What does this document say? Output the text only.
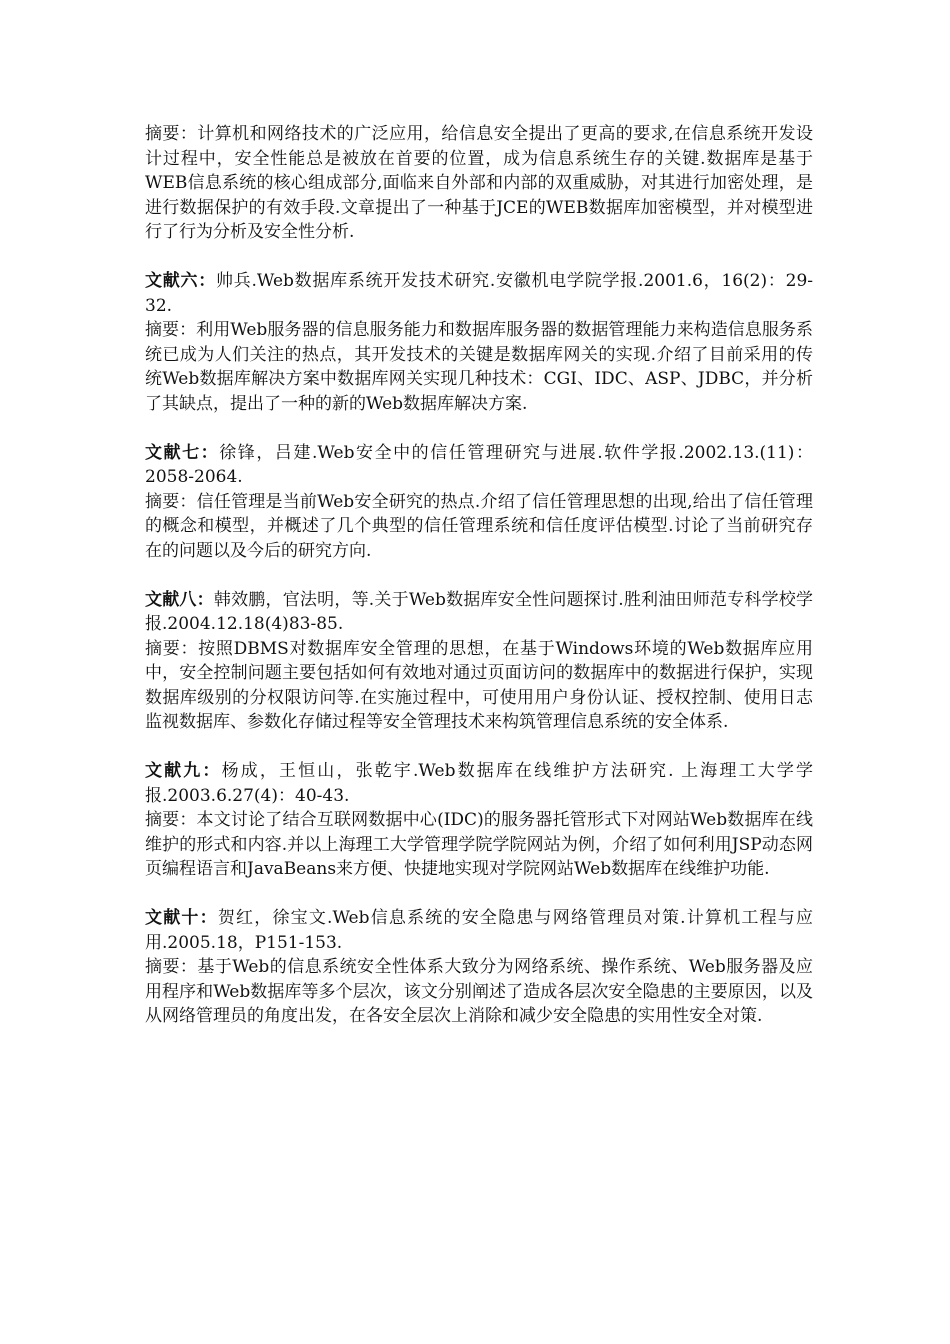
摘要：计算机和网络技术的广泛应用，给信息安全提出了更高的要求,在信息系统开发设计过程中，安全性能总是被放在首要的位置，成为信息系统生存的关键.数据库是基于WEB信息系统的核心组成部分,面临来自外部和内部的双重威胁，对其进行加密处理，是进行数据保护的有效手段.文章提出了一种基于JCE的WEB数据库加密模型，并对模型进行了行为分析及安全性分析.

文献六：帅兵.Web数据库系统开发技术研究.安徽机电学院学报.2001.6，16(2)：29-32.

摘要：利用Web服务器的信息服务能力和数据库服务器的数据管理能力来构造信息服务系统已成为人们关注的热点，其开发技术的关键是数据库网关的实现.介绍了目前采用的传统Web数据库解决方案中数据库网关实现几种技术：CGI、IDC、ASP、JDBC，并分析了其缺点，提出了一种的新的Web数据库解决方案.

文献七：徐锋，吕建.Web安全中的信任管理研究与进展.软件学报.2002.13.(11)：2058-2064.

摘要：信任管理是当前Web安全研究的热点.介绍了信任管理思想的出现,给出了信任管理的概念和模型，并概述了几个典型的信任管理系统和信任度评估模型.讨论了当前研究存在的问题以及今后的研究方向.

文献八：韩效鹏，官法明，等.关于Web数据库安全性问题探讨.胜利油田师范专科学校学报.2004.12.18(4)83-85.

摘要：按照DBMS对数据库安全管理的思想，在基于Windows环境的Web数据库应用中，安全控制问题主要包括如何有效地对通过页面访问的数据库中的数据进行保护，实现数据库级别的分权限访问等.在实施过程中，可使用用户身份认证、授权控制、使用日志监视数据库、参数化存储过程等安全管理技术来构筑管理信息系统的安全体系.

文献九：杨成，王恒山，张乾宇.Web数据库在线维护方法研究. 上海理工大学学报.2003.6.27(4)：40-43.

摘要：本文讨论了结合互联网数据中心(IDC)的服务器托管形式下对网站Web数据库在线维护的形式和内容.并以上海理工大学管理学院学院网站为例，介绍了如何利用JSP动态网页编程语言和JavaBeans来方便、快捷地实现对学院网站Web数据库在线维护功能.

文献十：贺红，徐宝文.Web信息系统的安全隐患与网络管理员对策.计算机工程与应用.2005.18，P151-153.

摘要：基于Web的信息系统安全性体系大致分为网络系统、操作系统、Web服务器及应用程序和Web数据库等多个层次，该文分别阐述了造成各层次安全隐患的主要原因，以及从网络管理员的角度出发，在各安全层次上消除和减少安全隐患的实用性安全对策.
